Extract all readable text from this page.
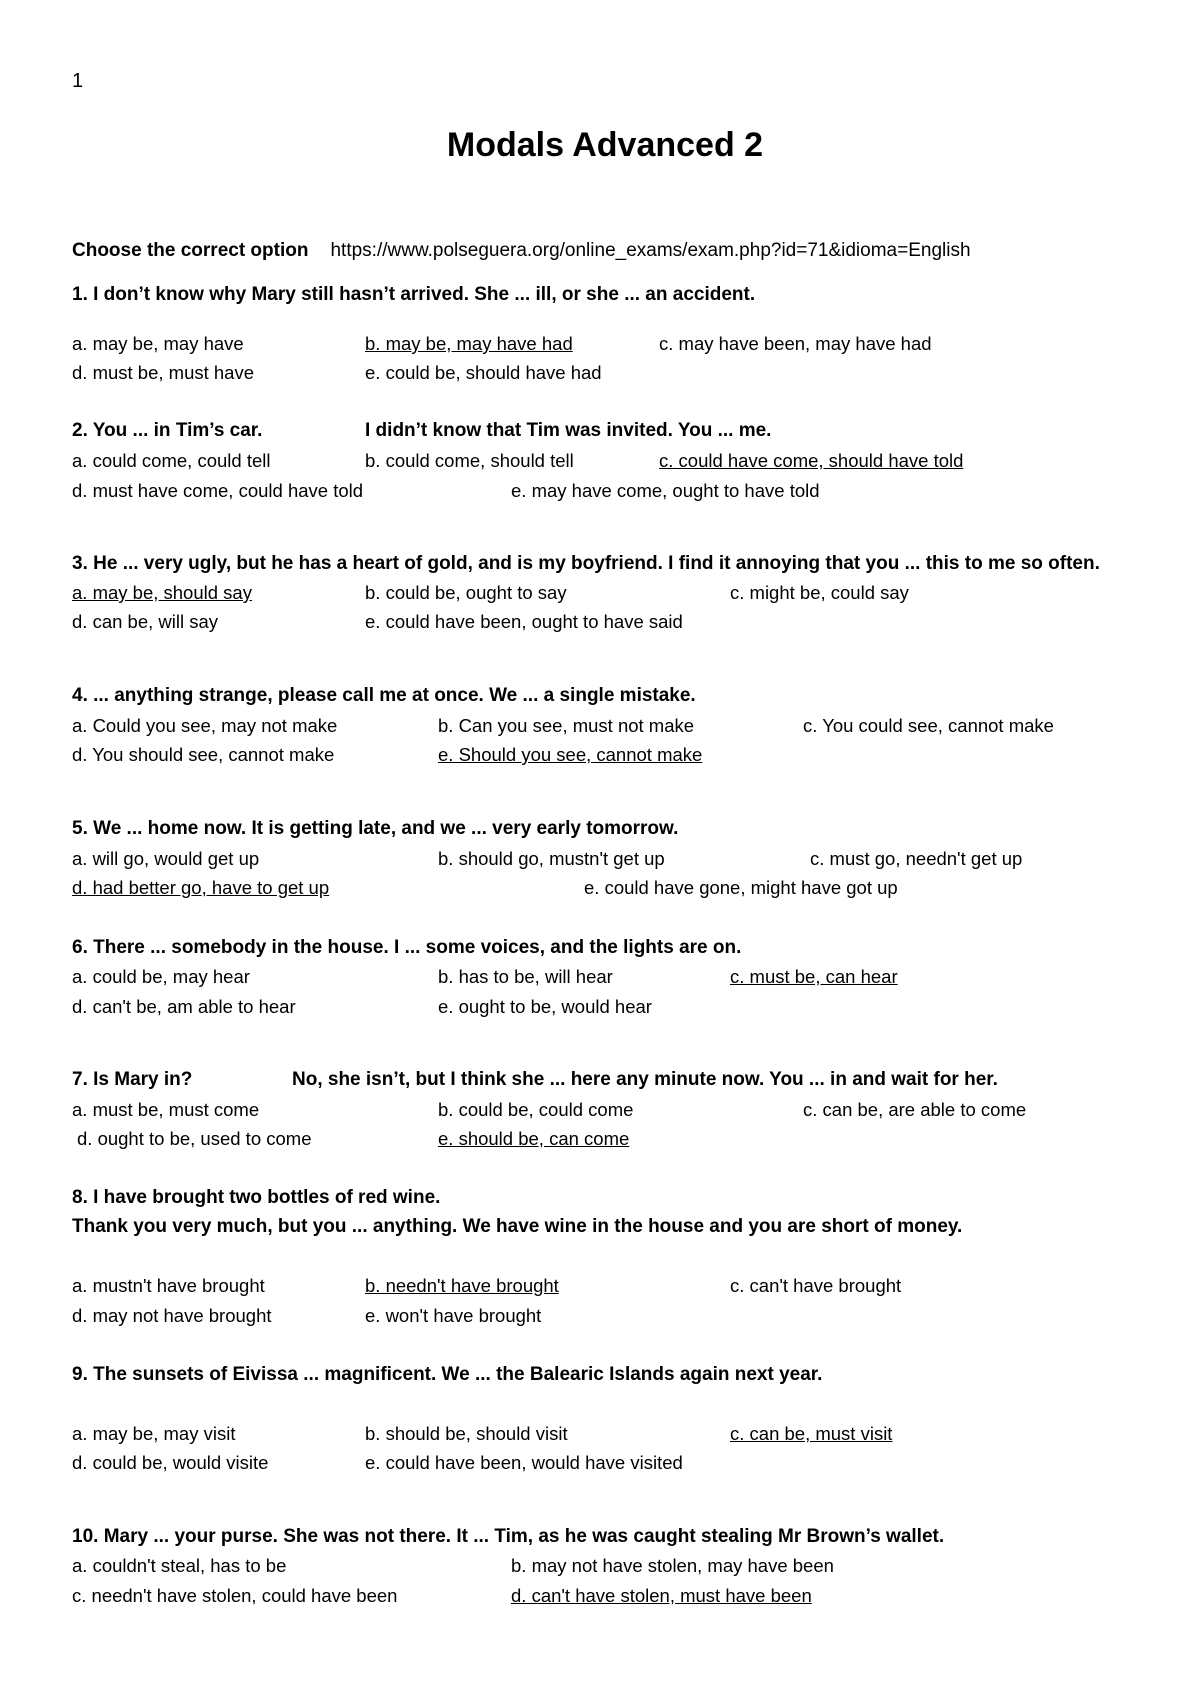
1
Modals Advanced 2
Choose the correct option https://www.polseguera.org/online_exams/exam.php?id=71&idioma=English
1. I don’t know why Mary still hasn’t arrived. She ... ill, or she ... an accident.
a. may be, may have	b. may be, may have had	c. may have been, may have had
d. must be, must have	e. could be, should have had
2. You ... in Tim’s car.	I didn’t know that Tim was invited. You ... me.
a. could come, could tell	b. could come, should tell	c. could have come, should have told
d. must have come, could have told	e. may have come, ought to have told
3. He ... very ugly, but he has a heart of gold, and is my boyfriend. I find it annoying that you ... this to me so often.
a. may be, should say	b. could be, ought to say	c. might be, could say
d. can be, will say	e. could have been, ought to have said
4. ... anything strange, please call me at once. We ... a single mistake.
a. Could you see, may not make	b. Can you see, must not make	c. You could see, cannot make
d. You should see, cannot make	e. Should you see, cannot make
5. We ... home now. It is getting late, and we ... very early tomorrow.
a. will go, would get up	b. should go, mustn't get up	c. must go, needn't get up
d. had better go, have to get up	e. could have gone, might have got up
6. There ... somebody in the house. I ... some voices, and the lights are on.
a. could be, may hear	b. has to be, will hear	c. must be, can hear
d. can't be, am able to hear	e. ought to be, would hear
7. Is Mary in?	No, she isn’t, but I think she ... here any minute now. You ... in and wait for her.
a. must be, must come	b. could be, could come	c. can be, are able to come
d. ought to be, used to come	e. should be, can come
8. I have brought two bottles of red wine.
Thank you very much, but you ... anything. We have wine in the house and you are short of money.
a. mustn't have brought	b. needn't have brought	c. can't have brought
d. may not have brought	e. won't have brought
9. The sunsets of Eivissa ... magnificent. We ... the Balearic Islands again next year.
a. may be, may visit	b. should be, should visit	c. can be, must visit
d. could be, would visite	e. could have been, would have visited
10. Mary ... your purse. She was not there. It ... Tim, as he was caught stealing Mr Brown’s wallet.
a. couldn't steal, has to be	b. may not have stolen, may have been
c. needn't have stolen, could have been	d. can't have stolen, must have been
